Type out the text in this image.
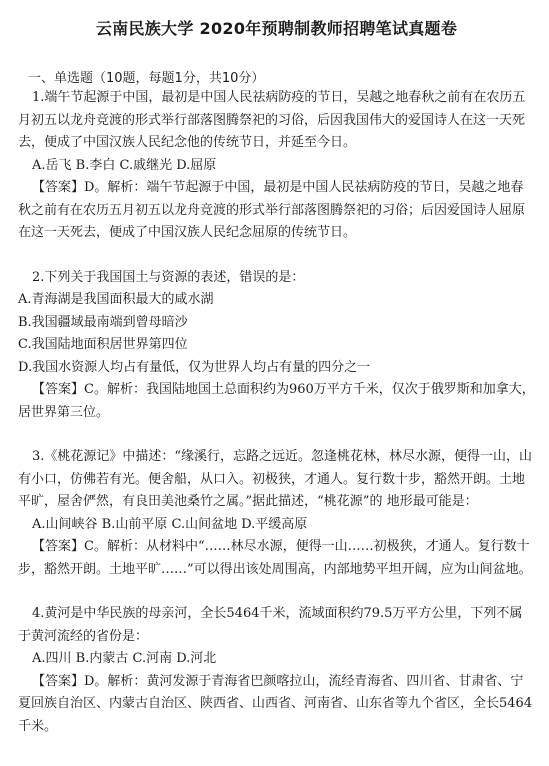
云南民族大学 2020年预聘制教师招聘笔试真题卷
一、单选题（10题，每题1分，共10分）

1.端午节起源于中国，最初是中国人民祛病防疫的节日，吴越之地春秋之前有在农历五月初五以龙舟竞渡的形式举行部落图腾祭祀的习俗，后因我国伟大的爱国诗人在这一天死去，便成了中国汉族人民纪念他的传统节日，并延至今日。

A.岳飞 B.李白 C.戚继光 D.屈原

【答案】D。解析：端午节起源于中国，最初是中国人民祛病防疫的节日，吴越之地春秋之前有在农历五月初五以龙舟竞渡的形式举行部落图腾祭祀的习俗；后因爱国诗人屈原在这一天死去，便成了中国汉族人民纪念屈原的传统节日。

2.下列关于我国国土与资源的表述，错误的是：

A.青海湖是我国面积最大的咸水湖

B.我国疆域最南端到曾母暗沙

C.我国陆地面积居世界第四位

D.我国水资源人均占有量低，仅为世界人均占有量的四分之一

【答案】C。解析：我国陆地国土总面积约为960万平方千米，仅次于俄罗斯和加拿大，居世界第三位。

3.《桃花源记》中描述：“缘溪行，忘路之远近。忽逢桃花林，林尽水源，便得一山，山有小口，仿佛若有光。便舍船，从口入。初极狭，才通人。复行数十步，豁然开朗。土地平旷，屋舍俨然，有良田美池桑竹之属。”据此描述，“桃花源”的 地形最可能是：

A.山间峡谷 B.山前平原 C.山间盆地 D.平缓高原

【答案】C。解析：从材料中“……林尽水源，便得一山……初极狭，才通人。复行数十步，豁然开朗。土地平旷……”可以得出该处周围高，内部地势平坦开阔，应为山间盆地。

4.黄河是中华民族的母亲河，全长5464千米，流域面积约79.5万平方公里，下列不属于黄河流经的省份是：

A.四川 B.内蒙古 C.河南 D.河北

【答案】D。解析：黄河发源于青海省巴颜喀拉山，流经青海省、四川省、甘肃省、宁夏回族自治区、内蒙古自治区、陕西省、山西省、河南省、山东省等九个省区，全长5464千米。
